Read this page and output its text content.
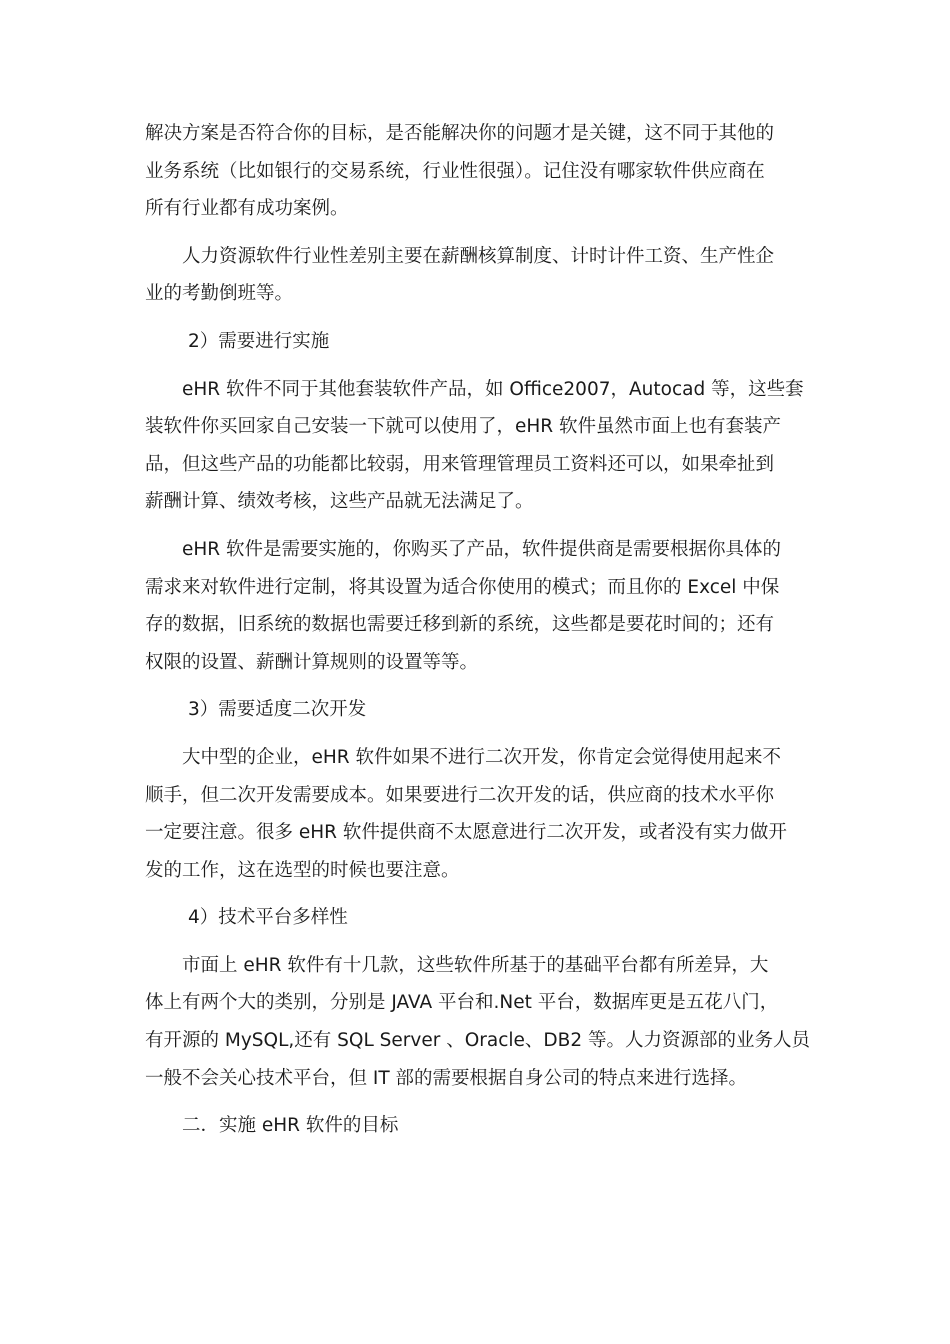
解决方案是否符合你的目标，是否能解决你的问题才是关键，这不同于其他的
业务系统（比如银行的交易系统，行业性很强）。记住没有哪家软件供应商在
所有行业都有成功案例。
人力资源软件行业性差别主要在薪酬核算制度、计时计件工资、生产性企
业的考勤倒班等。
2）需要进行实施
eHR 软件不同于其他套装软件产品，如 Office2007，Autocad 等，这些套
装软件你买回家自己安装一下就可以使用了，eHR 软件虽然市面上也有套装产
品，但这些产品的功能都比较弱，用来管理管理员工资料还可以，如果牵扯到
薪酬计算、绩效考核，这些产品就无法满足了。
eHR 软件是需要实施的，你购买了产品，软件提供商是需要根据你具体的
需求来对软件进行定制，将其设置为适合你使用的模式；而且你的 Excel 中保
存的数据，旧系统的数据也需要迁移到新的系统，这些都是要花时间的；还有
权限的设置、薪酬计算规则的设置等等。
3）需要适度二次开发
大中型的企业，eHR 软件如果不进行二次开发，你肯定会觉得使用起来不
顺手，但二次开发需要成本。如果要进行二次开发的话，供应商的技术水平你
一定要注意。很多 eHR 软件提供商不太愿意进行二次开发，或者没有实力做开
发的工作，这在选型的时候也要注意。
4）技术平台多样性
市面上 eHR 软件有十几款，这些软件所基于的基础平台都有所差异，大
体上有两个大的类别，分别是 JAVA 平台和.Net 平台，数据库更是五花八门，
有开源的 MySQL,还有 SQL Server 、Oracle、DB2 等。人力资源部的业务人员
一般不会关心技术平台，但 IT 部的需要根据自身公司的特点来进行选择。
二．实施 eHR 软件的目标
